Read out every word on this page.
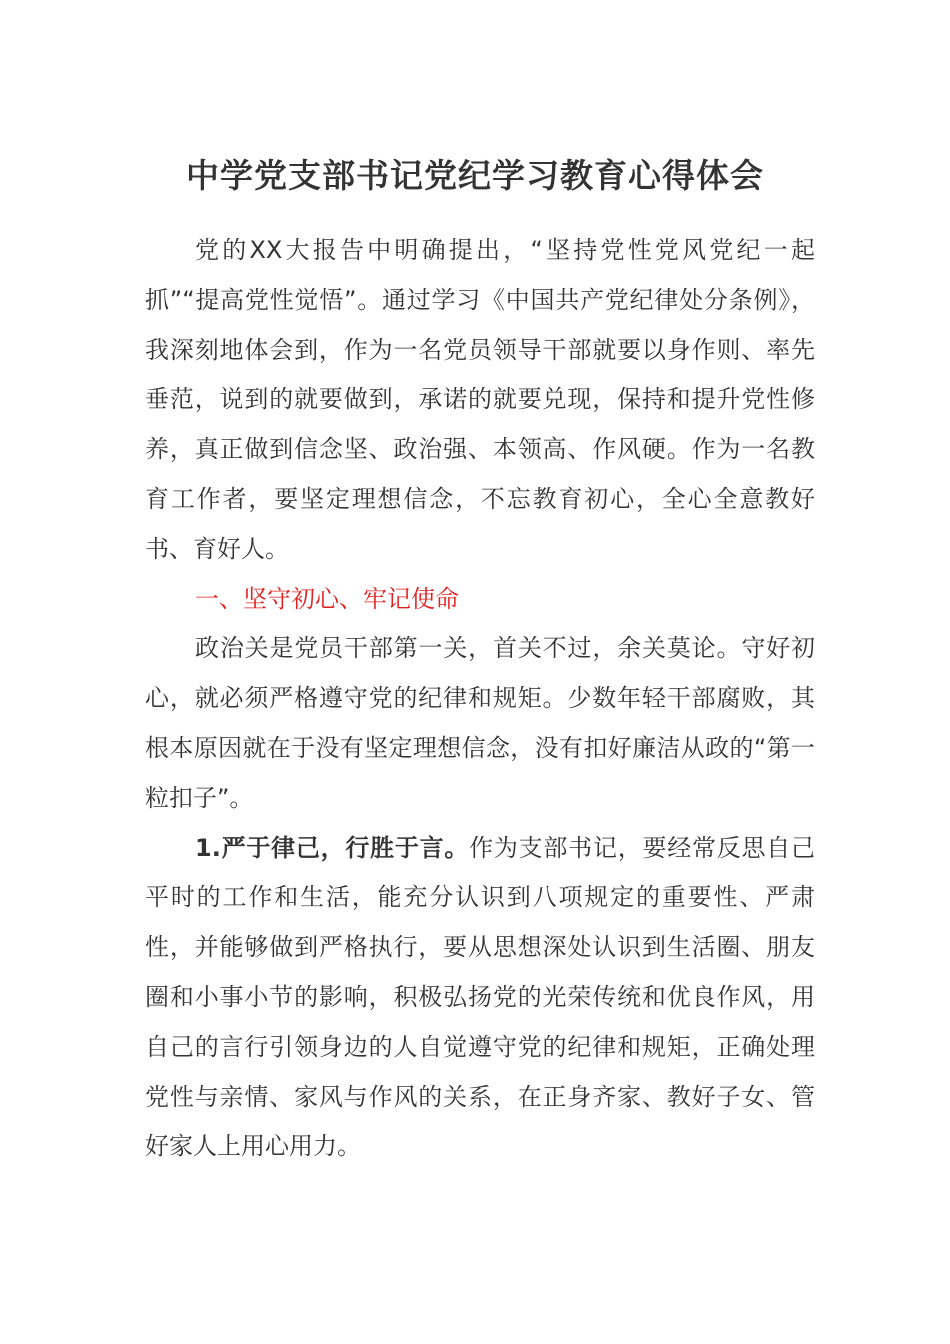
中学党支部书记党纪学习教育心得体会

党的XX大报告中明确提出，“坚持党性党风党纪一起抓”“提高党性觉悟”。通过学习《中国共产党纪律处分条例》，我深刻地体会到，作为一名党员领导干部就要以身作则、率先垂范，说到的就要做到，承诺的就要兑现，保持和提升党性修养，真正做到信念坚、政治强、本领高、作风硬。作为一名教育工作者，要坚定理想信念，不忘教育初心，全心全意教好书、育好人。

一、坚守初心、牢记使命

政治关是党员干部第一关，首关不过，余关莫论。守好初心，就必须严格遵守党的纪律和规矩。少数年轻干部腐败，其根本原因就在于没有坚定理想信念，没有扣好廉洁从政的“第一粒扣子”。

1.严于律己，行胜于言。作为支部书记，要经常反思自己平时的工作和生活，能充分认识到八项规定的重要性、严肃性，并能够做到严格执行，要从思想深处认识到生活圈、朋友圈和小事小节的影响，积极弘扬党的光荣传统和优良作风，用自己的言行引领身边的人自觉遵守党的纪律和规矩，正确处理党性与亲情、家风与作风的关系，在正身齐家、教好子女、管好家人上用心用力。
